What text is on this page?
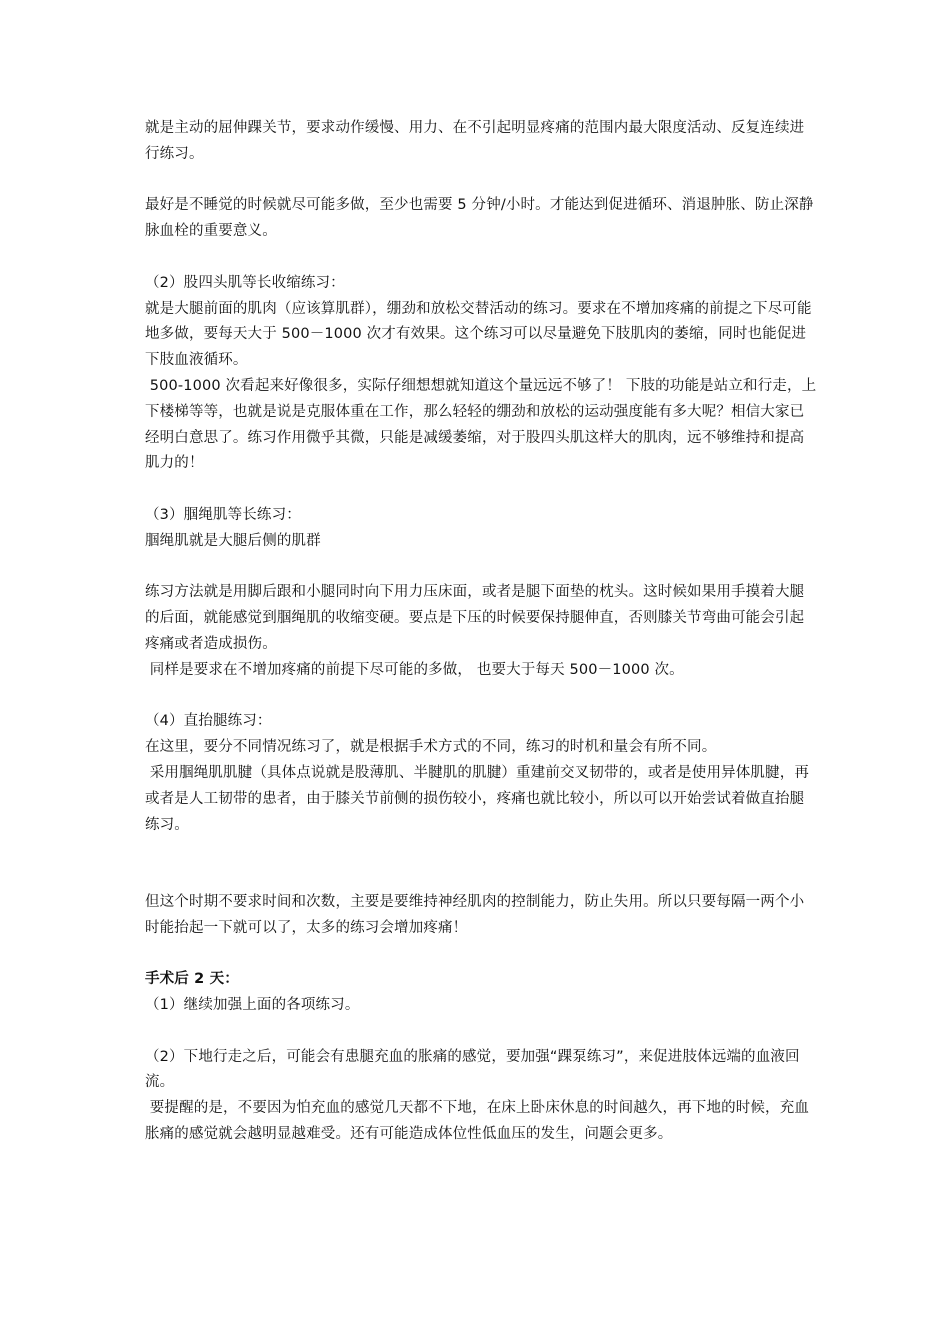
就是主动的屈伸踝关节，要求动作缓慢、用力、在不引起明显疼痛的范围内最大限度活动、反复连续进行练习。

最好是不睡觉的时候就尽可能多做，至少也需要 5 分钟/小时。才能达到促进循环、消退肿胀、防止深静脉血栓的重要意义。

（2）股四头肌等长收缩练习：

就是大腿前面的肌肉（应该算肌群），绷劲和放松交替活动的练习。要求在不增加疼痛的前提之下尽可能地多做，要每天大于 500－1000 次才有效果。这个练习可以尽量避免下肢肌肉的萎缩，同时也能促进下肢血液循环。

500-1000 次看起来好像很多，实际仔细想想就知道这个量远远不够了！ 下肢的功能是站立和行走，上下楼梯等等，也就是说是克服体重在工作，那么轻轻的绷劲和放松的运动强度能有多大呢？相信大家已经明白意思了。练习作用微乎其微，只能是减缓萎缩，对于股四头肌这样大的肌肉，远不够维持和提高肌力的！

（3）腘绳肌等长练习：

腘绳肌就是大腿后侧的肌群

练习方法就是用脚后跟和小腿同时向下用力压床面，或者是腿下面垫的枕头。这时候如果用手摸着大腿的后面，就能感觉到腘绳肌的收缩变硬。要点是下压的时候要保持腿伸直，否则膝关节弯曲可能会引起疼痛或者造成损伤。

同样是要求在不增加疼痛的前提下尽可能的多做， 也要大于每天 500－1000 次。

（4）直抬腿练习：

在这里，要分不同情况练习了，就是根据手术方式的不同，练习的时机和量会有所不同。

采用腘绳肌肌腱（具体点说就是股薄肌、半腱肌的肌腱）重建前交叉韧带的，或者是使用异体肌腱，再或者是人工韧带的患者，由于膝关节前侧的损伤较小，疼痛也就比较小，所以可以开始尝试着做直抬腿练习。

但这个时期不要求时间和次数，主要是要维持神经肌肉的控制能力，防止失用。所以只要每隔一两个小时能抬起一下就可以了，太多的练习会增加疼痛！

手术后 2 天：

（1）继续加强上面的各项练习。

（2）下地行走之后，可能会有患腿充血的胀痛的感觉，要加强“踝泵练习”，来促进肢体远端的血液回流。

要提醒的是，不要因为怕充血的感觉几天都不下地，在床上卧床休息的时间越久，再下地的时候，充血胀痛的感觉就会越明显越难受。还有可能造成体位性低血压的发生，问题会更多。
